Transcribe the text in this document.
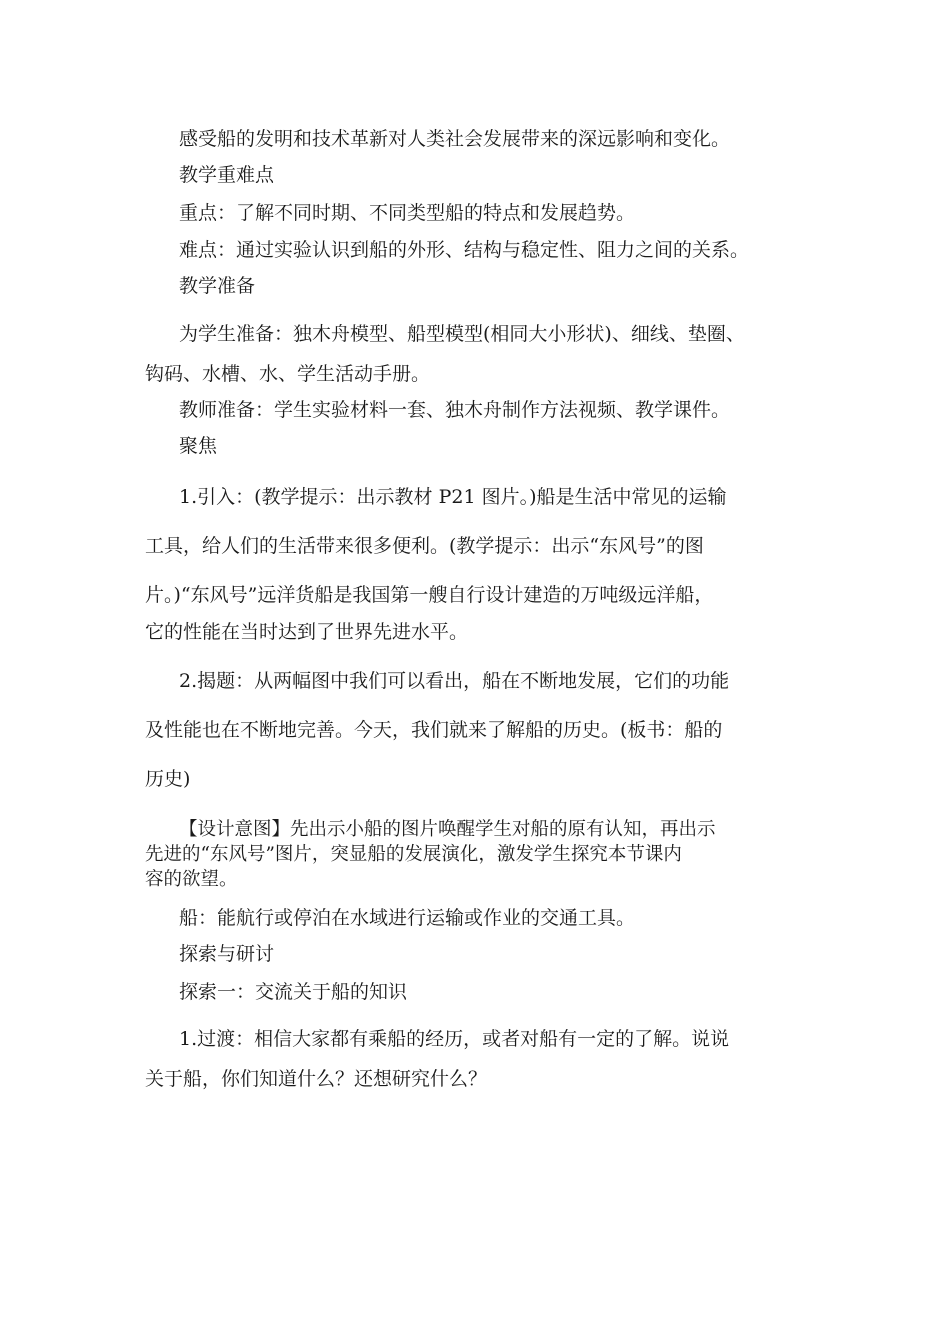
感受船的发明和技术革新对人类社会发展带来的深远影响和变化。
教学重难点
重点：了解不同时期、不同类型船的特点和发展趋势。
难点：通过实验认识到船的外形、结构与稳定性、阻力之间的关系。
教学准备
为学生准备：独木舟模型、船型模型(相同大小形状)、细线、垫圈、
钩码、水槽、水、学生活动手册。
教师准备：学生实验材料一套、独木舟制作方法视频、教学课件。
聚焦
1.引入：(教学提示：出示教材 P21 图片。)船是生活中常见的运输
工具，给人们的生活带来很多便利。(教学提示：出示“东风号”的图
片。)“东风号”远洋货船是我国第一艘自行设计建造的万吨级远洋船，
它的性能在当时达到了世界先进水平。
2.揭题：从两幅图中我们可以看出，船在不断地发展，它们的功能
及性能也在不断地完善。今天，我们就来了解船的历史。(板书：船的
历史)
【设计意图】先出示小船的图片唤醒学生对船的原有认知，再出示
先进的“东风号”图片，突显船的发展演化，激发学生探究本节课内
容的欲望。
船：能航行或停泊在水域进行运输或作业的交通工具。
探索与研讨
探索一：交流关于船的知识
1.过渡：相信大家都有乘船的经历，或者对船有一定的了解。说说
关于船，你们知道什么？还想研究什么？
